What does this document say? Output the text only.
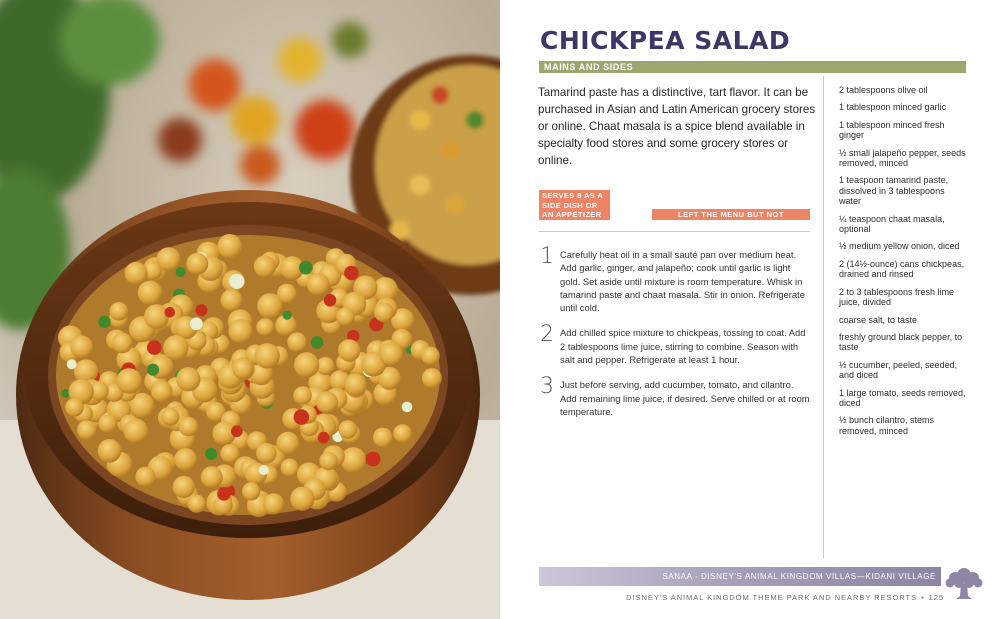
CHICKPEA SALAD
MAINS AND SIDES

Tamarind paste has a distinctive, tart flavor. It can be purchased in Asian and Latin American grocery stores or online. Chaat masala is a spice blend available in specialty food stores and some grocery stores or online.

SERVES 8 AS A SIDE DISH OR AN APPETIZER	LEFT THE MENU BUT NOT FORGOTTEN
1 Carefully heat oil in a small sauté pan over medium heat. Add garlic, ginger, and jalapeño; cook until garlic is light gold. Set aside until mixture is room temperature. Whisk in tamarind paste and chaat masala. Stir in onion. Refrigerate until cold.

2 Add chilled spice mixture to chickpeas, tossing to coat. Add 2 tablespoons lime juice, stirring to combine. Season with salt and pepper. Refrigerate at least 1 hour.

3 Just before serving, add cucumber, tomato, and cilantro. Add remaining lime juice, if desired. Serve chilled or at room temperature.

2 tablespoons olive oil
1 tablespoon minced garlic
1 tablespoon minced fresh ginger
½ small jalapeño pepper, seeds removed, minced
1 teaspoon tamarind paste, dissolved in 3 tablespoons water
¼ teaspoon chaat masala, optional
½ medium yellow onion, diced
2 (14½-ounce) cans chickpeas, drained and rinsed
2 to 3 tablespoons fresh lime juice, divided
coarse salt, to taste
freshly ground black pepper, to taste
½ cucumber, peeled, seeded, and diced
1 large tomato, seeds removed, diced
½ bunch cilantro, stems removed, minced
SANAA - DISNEY'S ANIMAL KINGDOM VILLAS—KIDANI VILLAGE
DISNEY'S ANIMAL KINGDOM THEME PARK AND NEARBY RESORTS • 125
